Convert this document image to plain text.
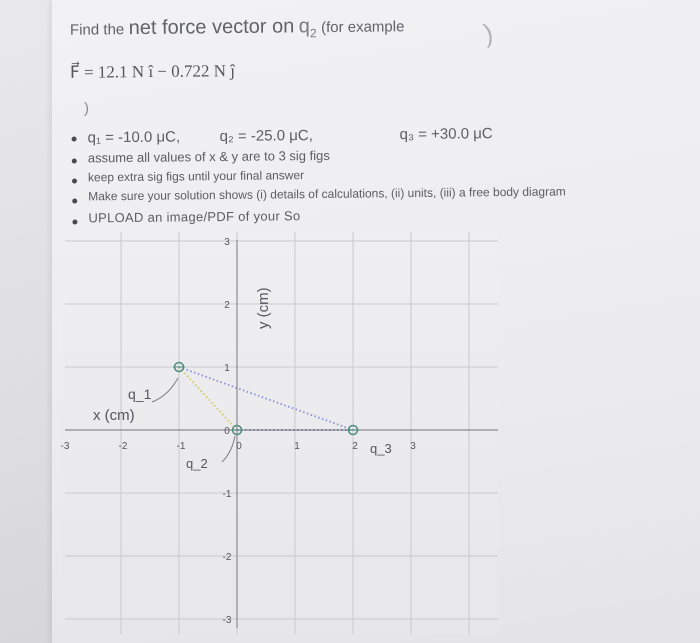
Find the net force vector on $q_2$ (for example	)
F⃗ = 12.1 N î − 0.722 N ĵ
)
q₁ = -10.0 μC,	q₂ = -25.0 μC,	q₃ = +30.0 μC
assume all values of x & y are to 3 sig figs
keep extra sig figs until your final answer
Make sure your solution shows (i) details of calculations, (ii) units, (iii) a free body diagram
UPLOAD an image/PDF of your So
-3	-2	-1	0	1	2	3
3
2
1
0
-1
-2
-3
q_1
q_2
q_3
x (cm)
y (cm)
